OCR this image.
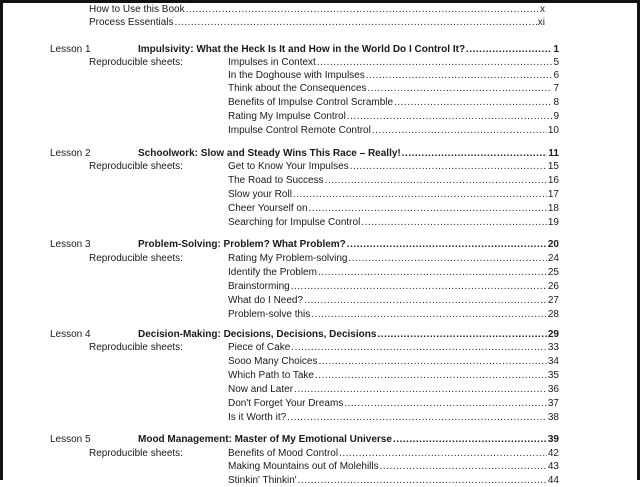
How to Use this Book .....	x
Process Essentials .....	xi
Lesson 1	Impulsivity: What the Heck Is It and How in the World Do I Control It? .....	1
Reproducible sheets:	Impulses in Context .....	5
In the Doghouse with Impulses .....	6
Think about the Consequences .....	7
Benefits of Impulse Control Scramble .....	8
Rating My Impulse Control .....	9
Impulse Control Remote Control .....	10
Lesson 2	Schoolwork: Slow and Steady Wins This Race – Really! .....	11
Reproducible sheets:	Get to Know Your Impulses .....	15
The Road to Success .....	16
Slow your Roll .....	17
Cheer Yourself on .....	18
Searching for Impulse Control .....	19
Lesson 3	Problem-Solving: Problem? What Problem? .....	20
Reproducible sheets:	Rating My Problem-solving .....	24
Identify the Problem .....	25
Brainstorming .....	26
What do I Need? .....	27
Problem-solve this .....	28
Lesson 4	Decision-Making: Decisions, Decisions, Decisions .....	29
Reproducible sheets:	Piece of Cake .....	33
Sooo Many Choices .....	34
Which Path to Take .....	35
Now and Later .....	36
Don't Forget Your Dreams .....	37
Is it Worth it? .....	38
Lesson 5	Mood Management: Master of My Emotional Universe .....	39
Reproducible sheets:	Benefits of Mood Control .....	42
Making Mountains out of Molehills .....	43
Stinkin' Thinkin' .....	44
